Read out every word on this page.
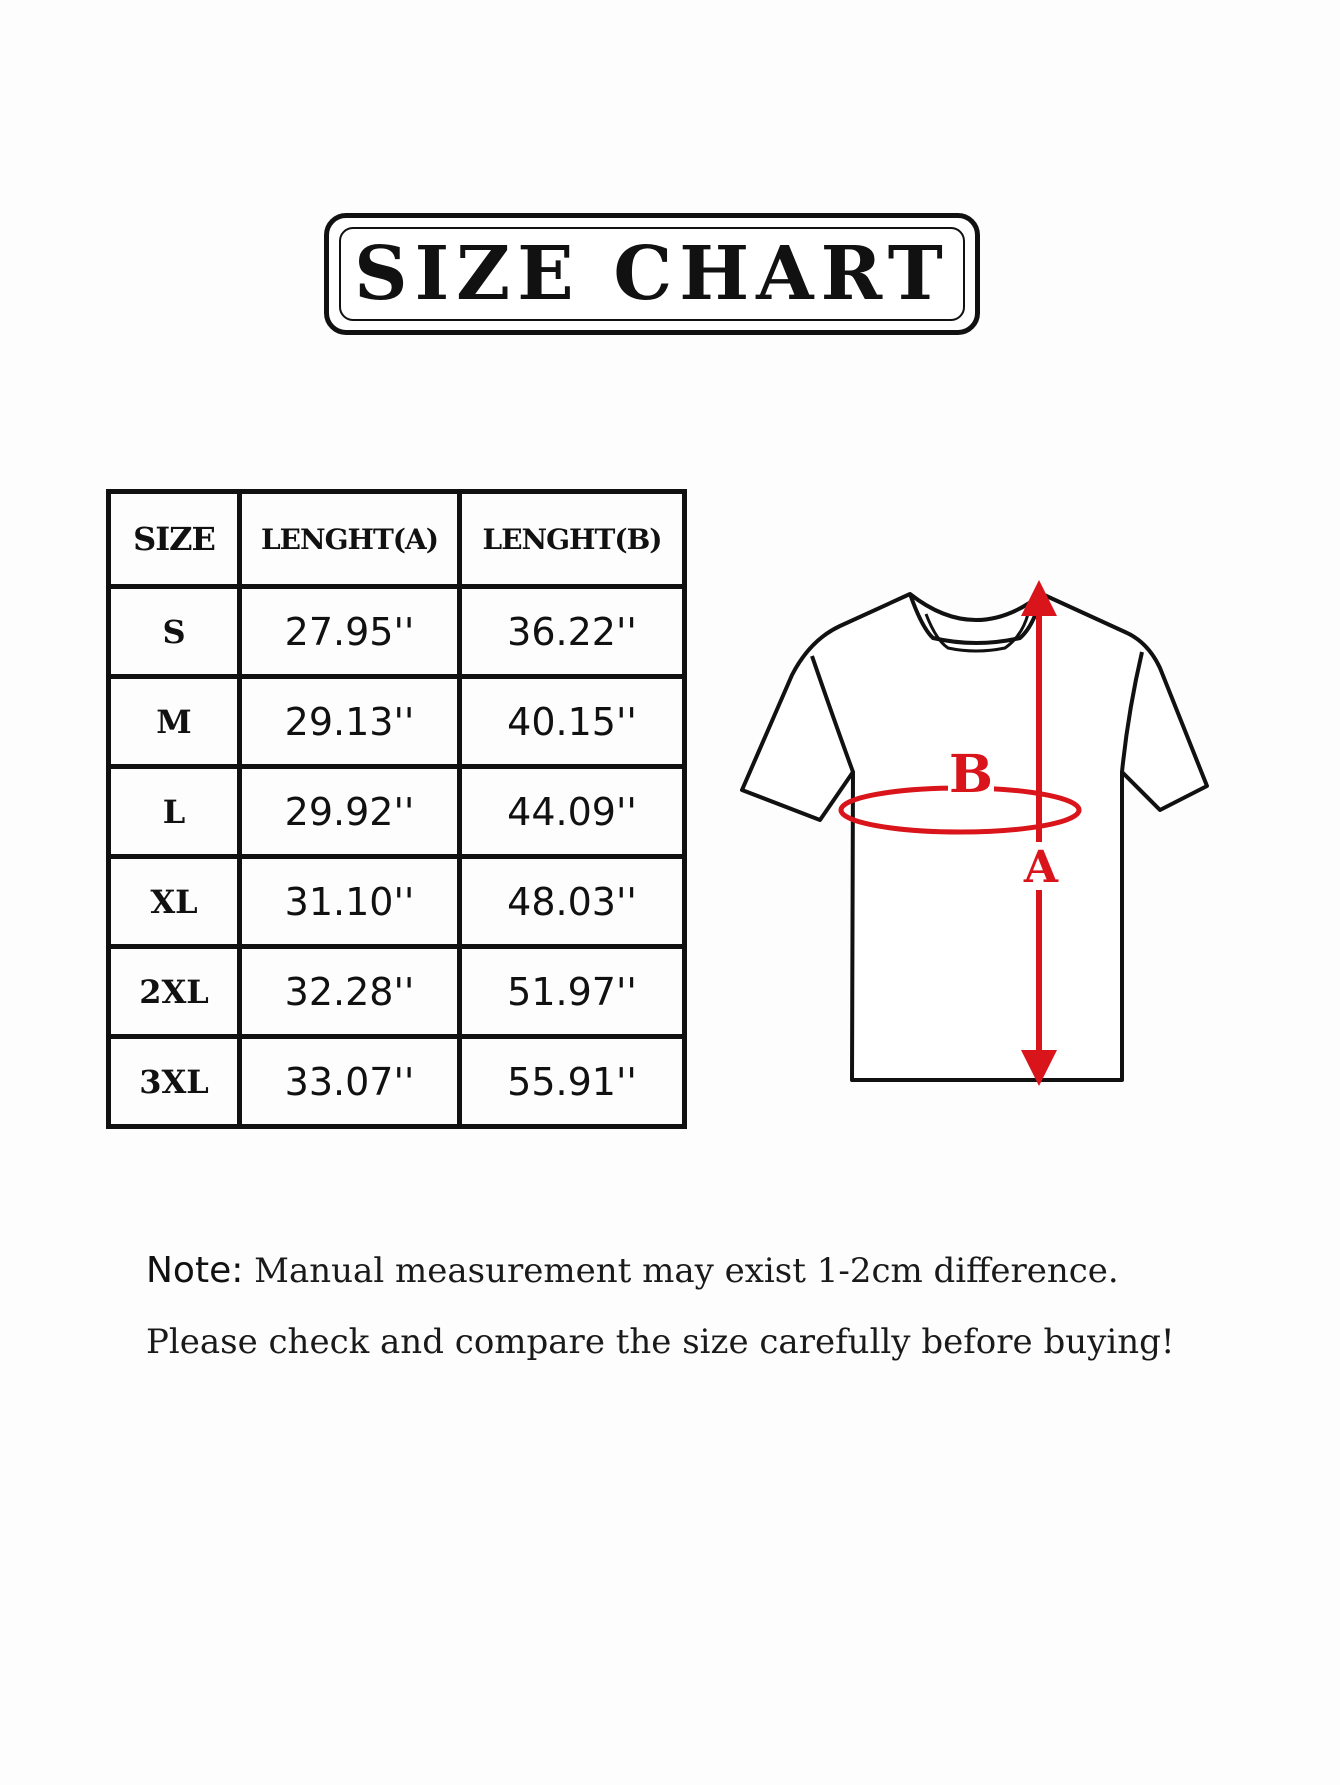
SIZE CHART
SIZE	LENGHT(A)	LENGHT(B)
S	27.95''	36.22''
M	29.13''	40.15''
L	29.92''	44.09''
XL	31.10''	48.03''
2XL	32.28''	51.97''
3XL	33.07''	55.91''
B
A
Note: Manual measurement may exist 1-2cm difference.
Please check and compare the size carefully before buying!
